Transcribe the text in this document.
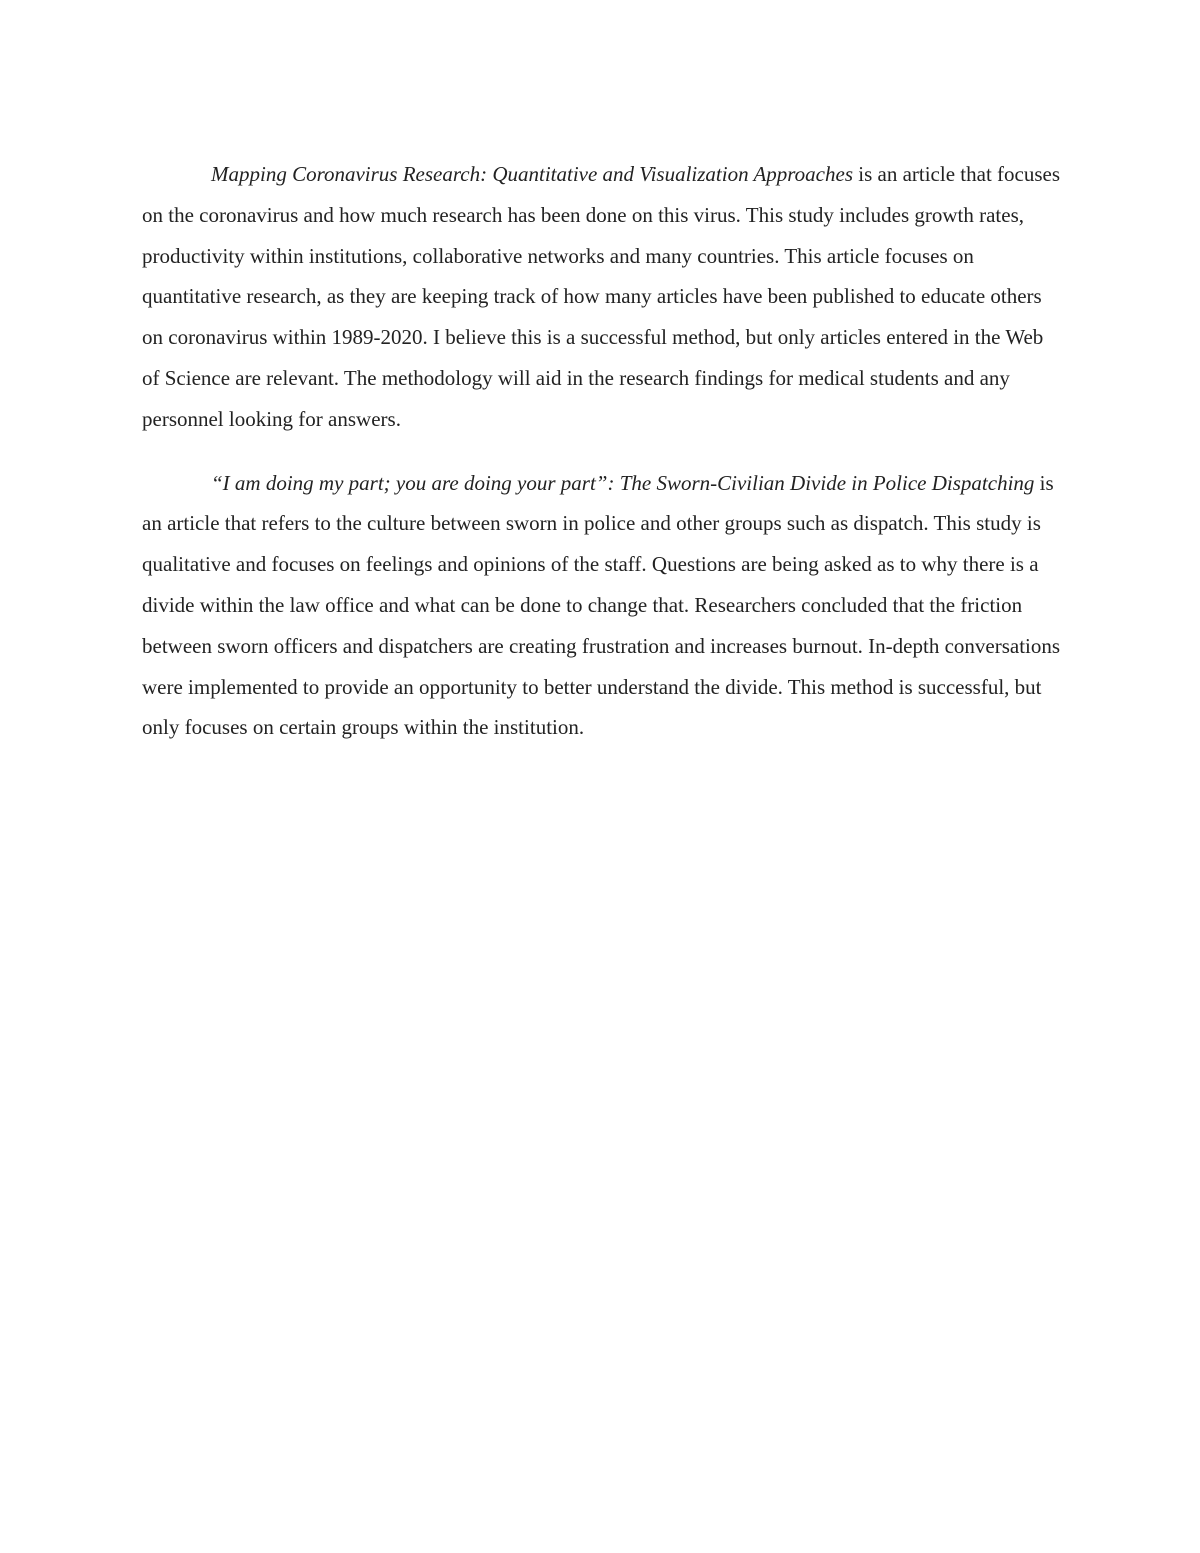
Mapping Coronavirus Research: Quantitative and Visualization Approaches is an article that focuses on the coronavirus and how much research has been done on this virus. This study includes growth rates, productivity within institutions, collaborative networks and many countries. This article focuses on quantitative research, as they are keeping track of how many articles have been published to educate others on coronavirus within 1989-2020. I believe this is a successful method, but only articles entered in the Web of Science are relevant. The methodology will aid in the research findings for medical students and any personnel looking for answers.

“I am doing my part; you are doing your part”: The Sworn-Civilian Divide in Police Dispatching is an article that refers to the culture between sworn in police and other groups such as dispatch. This study is qualitative and focuses on feelings and opinions of the staff. Questions are being asked as to why there is a divide within the law office and what can be done to change that. Researchers concluded that the friction between sworn officers and dispatchers are creating frustration and increases burnout. In-depth conversations were implemented to provide an opportunity to better understand the divide. This method is successful, but only focuses on certain groups within the institution.
